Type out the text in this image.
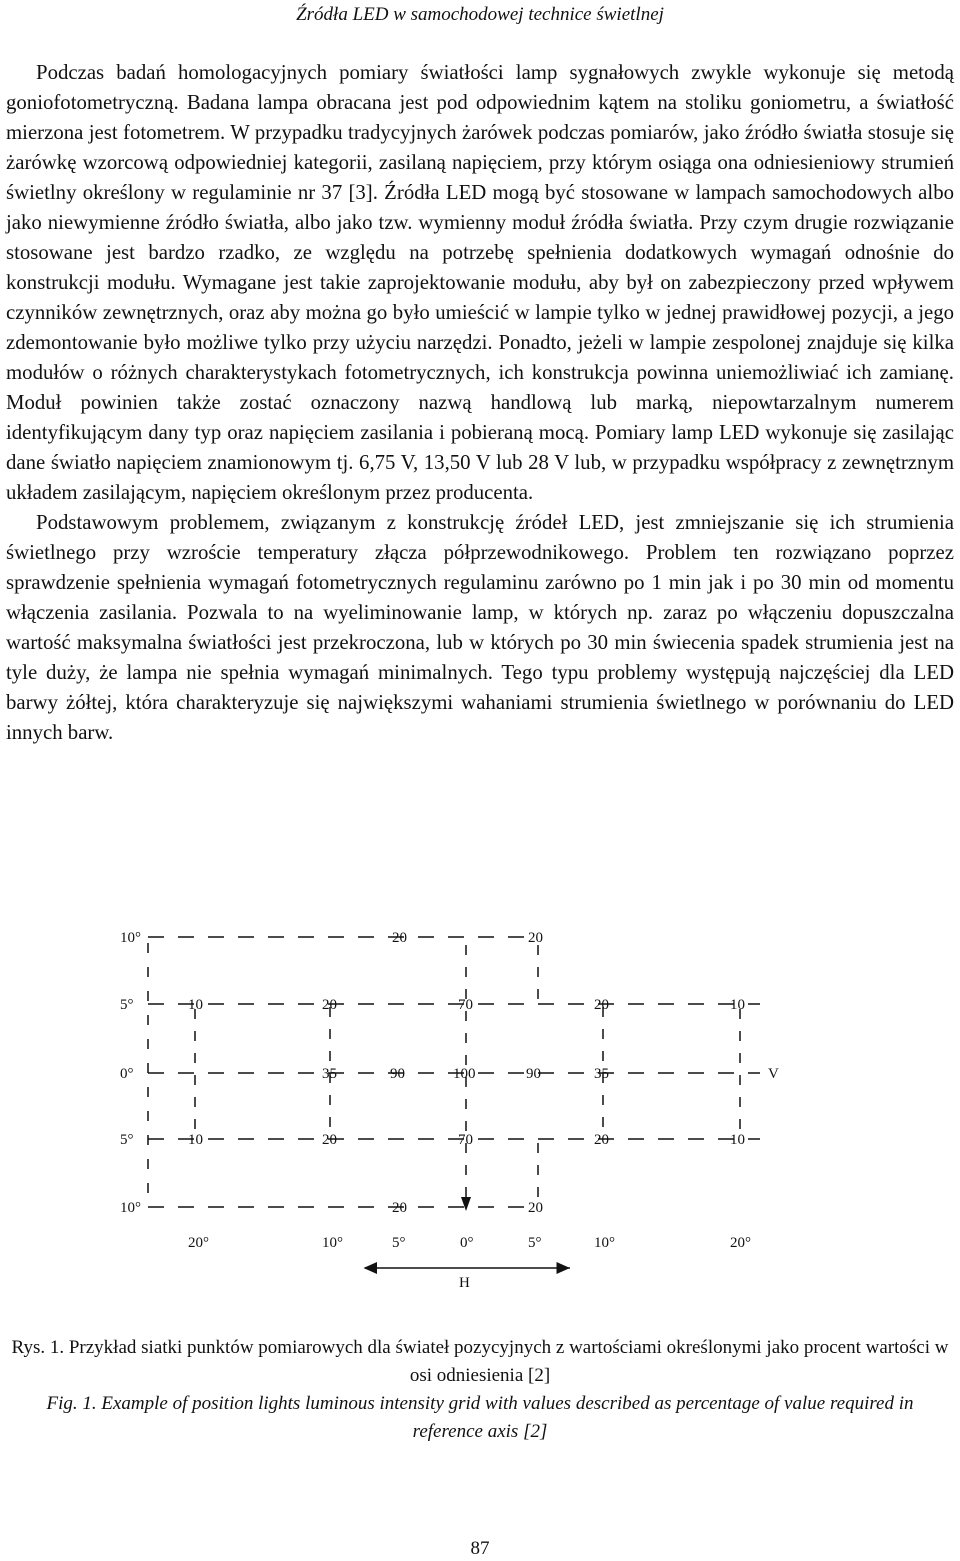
Źródła LED w samochodowej technice świetlnej

Podczas badań homologacyjnych pomiary światłości lamp sygnałowych zwykle wykonuje się metodą goniofotometryczną. Badana lampa obracana jest pod odpowiednim kątem na stoliku goniometru, a światłość mierzona jest fotometrem. W przypadku tradycyjnych żarówek podczas pomiarów, jako źródło światła stosuje się żarówkę wzorcową odpowiedniej kategorii, zasilaną napięciem, przy którym osiąga ona odniesieniowy strumień świetlny określony w regulaminie nr 37 [3]. Źródła LED mogą być stosowane w lampach samochodowych albo jako niewymienne źródło światła, albo jako tzw. wymienny moduł źródła światła. Przy czym drugie rozwiązanie stosowane jest bardzo rzadko, ze względu na potrzebę spełnienia dodatkowych wymagań odnośnie do konstrukcji modułu. Wymagane jest takie zaprojektowanie modułu, aby był on zabezpieczony przed wpływem czynników zewnętrznych, oraz aby można go było umieścić w lampie tylko w jednej prawidłowej pozycji, a jego zdemontowanie było możliwe tylko przy użyciu narzędzi. Ponadto, jeżeli w lampie zespolonej znajduje się kilka modułów o różnych charakterystykach fotometrycznych, ich konstrukcja powinna uniemożliwiać ich zamianę. Moduł powinien także zostać oznaczony nazwą handlową lub marką, niepowtarzalnym numerem identyfikującym dany typ oraz napięciem zasilania i pobieraną mocą. Pomiary lamp LED wykonuje się zasilając dane światło napięciem znamionowym tj. 6,75 V, 13,50 V lub 28 V lub, w przypadku współpracy z zewnętrznym układem zasilającym, napięciem określonym przez producenta.

Podstawowym problemem, związanym z konstrukcję źródeł LED, jest zmniejszanie się ich strumienia świetlnego przy wzroście temperatury złącza półprzewodnikowego. Problem ten rozwiązano poprzez sprawdzenie spełnienia wymagań fotometrycznych regulaminu zarówno po 1 min jak i po 30 min od momentu włączenia zasilania. Pozwala to na wyeliminowanie lamp, w których np. zaraz po włączeniu dopuszczalna wartość maksymalna światłości jest przekroczona, lub w których po 30 min świecenia spadek strumienia jest na tyle duży, że lampa nie spełnia wymagań minimalnych. Tego typu problemy występują najczęściej dla LED barwy żółtej, która charakteryzuje się największymi wahaniami strumienia świetlnego w porównaniu do LED innych barw.

10°
5°
0°
5°
10°
20	20
10	20	70	20	10
35	90	100	90	35	V
10	20	70	20	10
20	20
20°	10°	5°	0°	5°	10°	20°
H
Rys. 1. Przykład siatki punktów pomiarowych dla świateł pozycyjnych z wartościami określonymi jako procent wartości w osi odniesienia [2]
Fig. 1. Example of position lights luminous intensity grid with values described as percentage of value required in reference axis [2]
87
